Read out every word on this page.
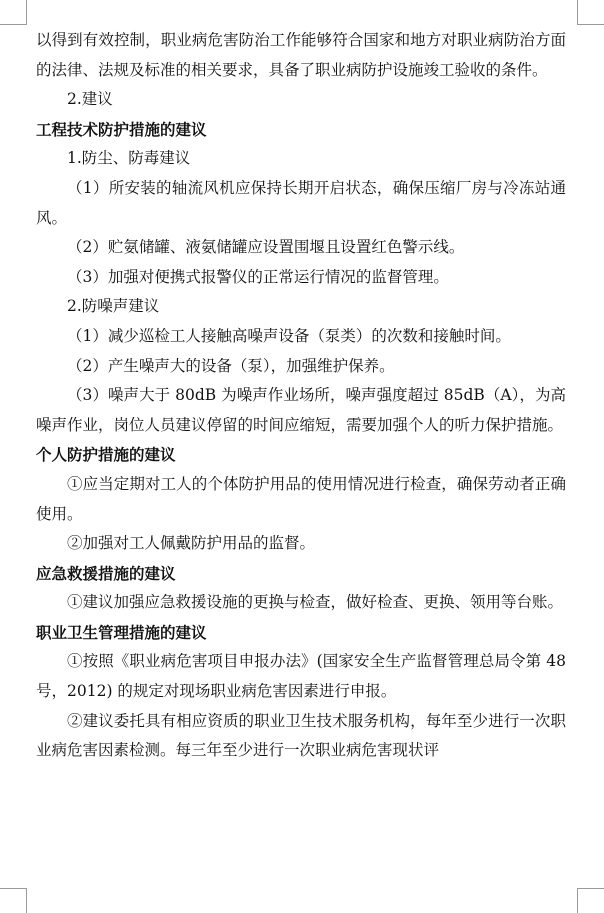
以得到有效控制，职业病危害防治工作能够符合国家和地方对职业病防治方面的法律、法规及标准的相关要求，具备了职业病防护设施竣工验收的条件。

2.建议

工程技术防护措施的建议

1.防尘、防毒建议

（1）所安装的轴流风机应保持长期开启状态，确保压缩厂房与冷冻站通风。

（2）贮氨储罐、液氨储罐应设置围堰且设置红色警示线。

（3）加强对便携式报警仪的正常运行情况的监督管理。

2.防噪声建议

（1）减少巡检工人接触高噪声设备（泵类）的次数和接触时间。

（2）产生噪声大的设备（泵），加强维护保养。

（3）噪声大于 80dB 为噪声作业场所，噪声强度超过 85dB（A），为高噪声作业，岗位人员建议停留的时间应缩短，需要加强个人的听力保护措施。

个人防护措施的建议

①应当定期对工人的个体防护用品的使用情况进行检查，确保劳动者正确使用。

②加强对工人佩戴防护用品的监督。

应急救援措施的建议

①建议加强应急救援设施的更换与检查，做好检查、更换、领用等台账。

职业卫生管理措施的建议

①按照《职业病危害项目申报办法》(国家安全生产监督管理总局令第 48 号，2012) 的规定对现场职业病危害因素进行申报。

②建议委托具有相应资质的职业卫生技术服务机构，每年至少进行一次职业病危害因素检测。每三年至少进行一次职业病危害现状评
